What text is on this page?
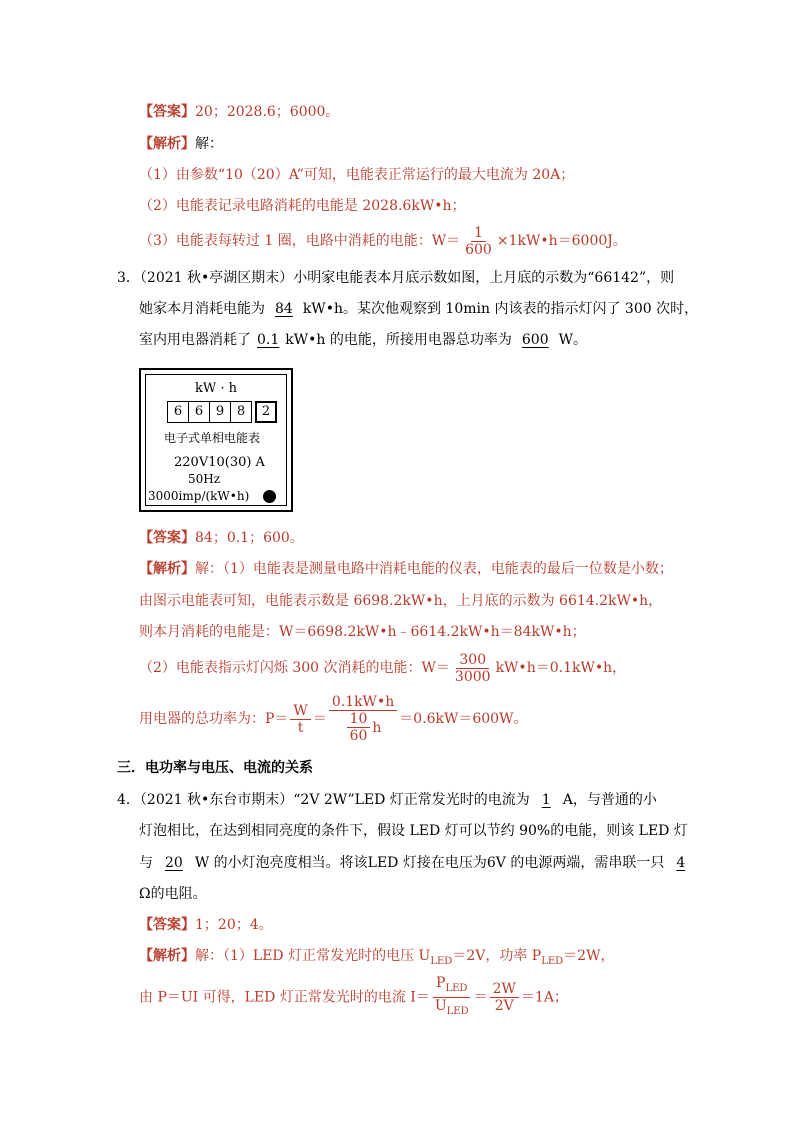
【答案】20；2028.6；6000。
【解析】解：
（1）由参数“10（20）A”可知，电能表正常运行的最大电流为 20A；
（2）电能表记录电路消耗的电能是 2028.6kW•h；
（3）电能表每转过 1 圈，电路中消耗的电能：$W= \frac{1}{600}$ ×1kW•h＝6000J。
3．（2021 秋•亭湖区期末）小明家电能表本月底示数如图，上月底的示数为“66142”，则
她家本月消耗电能为 84 kW•h。某次他观察到 10min 内该表的指示灯闪了 300 次时，
室内用电器消耗了 0.1 kW•h 的电能，所接用电器总功率为 600 W。
kW · h
6 6 9 8	2
电子式单相电能表
220V10(30) A
50Hz
3000imp/(kW•h)
【答案】84；0.1；600。
【解析】解：（1）电能表是测量电路中消耗电能的仪表，电能表的最后一位数是小数；
由图示电能表可知，电能表示数是 6698.2kW•h，上月底的示数为 6614.2kW•h，
则本月消耗的电能是：W＝6698.2kW•h﹣6614.2kW•h＝84kW•h；
（2）电能表指示灯闪烁 300 次消耗的电能：$W= \frac{300}{3000}$ kW•h＝0.1kW•h，
用电器的总功率为：$P= \frac{W}{t} = \frac{0.1kW•h}{\frac{10}{60} h} =0.6kW=600W$。
三．电功率与电压、电流的关系
4．（2021 秋•东台市期末）“2V 2W”LED 灯正常发光时的电流为 1 A，与普通的小
灯泡相比，在达到相同亮度的条件下，假设 LED 灯可以节约 90%的电能，则该 LED 灯
与 20 W 的小灯泡亮度相当。将该LED 灯接在电压为6V 的电源两端，需串联一只 4
Ω的电阻。
【答案】1；20；4。
【解析】解：（1）LED 灯正常发光时的电压 $U_{LED}=2V$，功率 $P_{LED}=2W$，
由 P＝UI 可得，LED 灯正常发光时的电流 $I= \frac{P_{LED}}{U_{LED}} = \frac{2W}{2V} =1A$；
